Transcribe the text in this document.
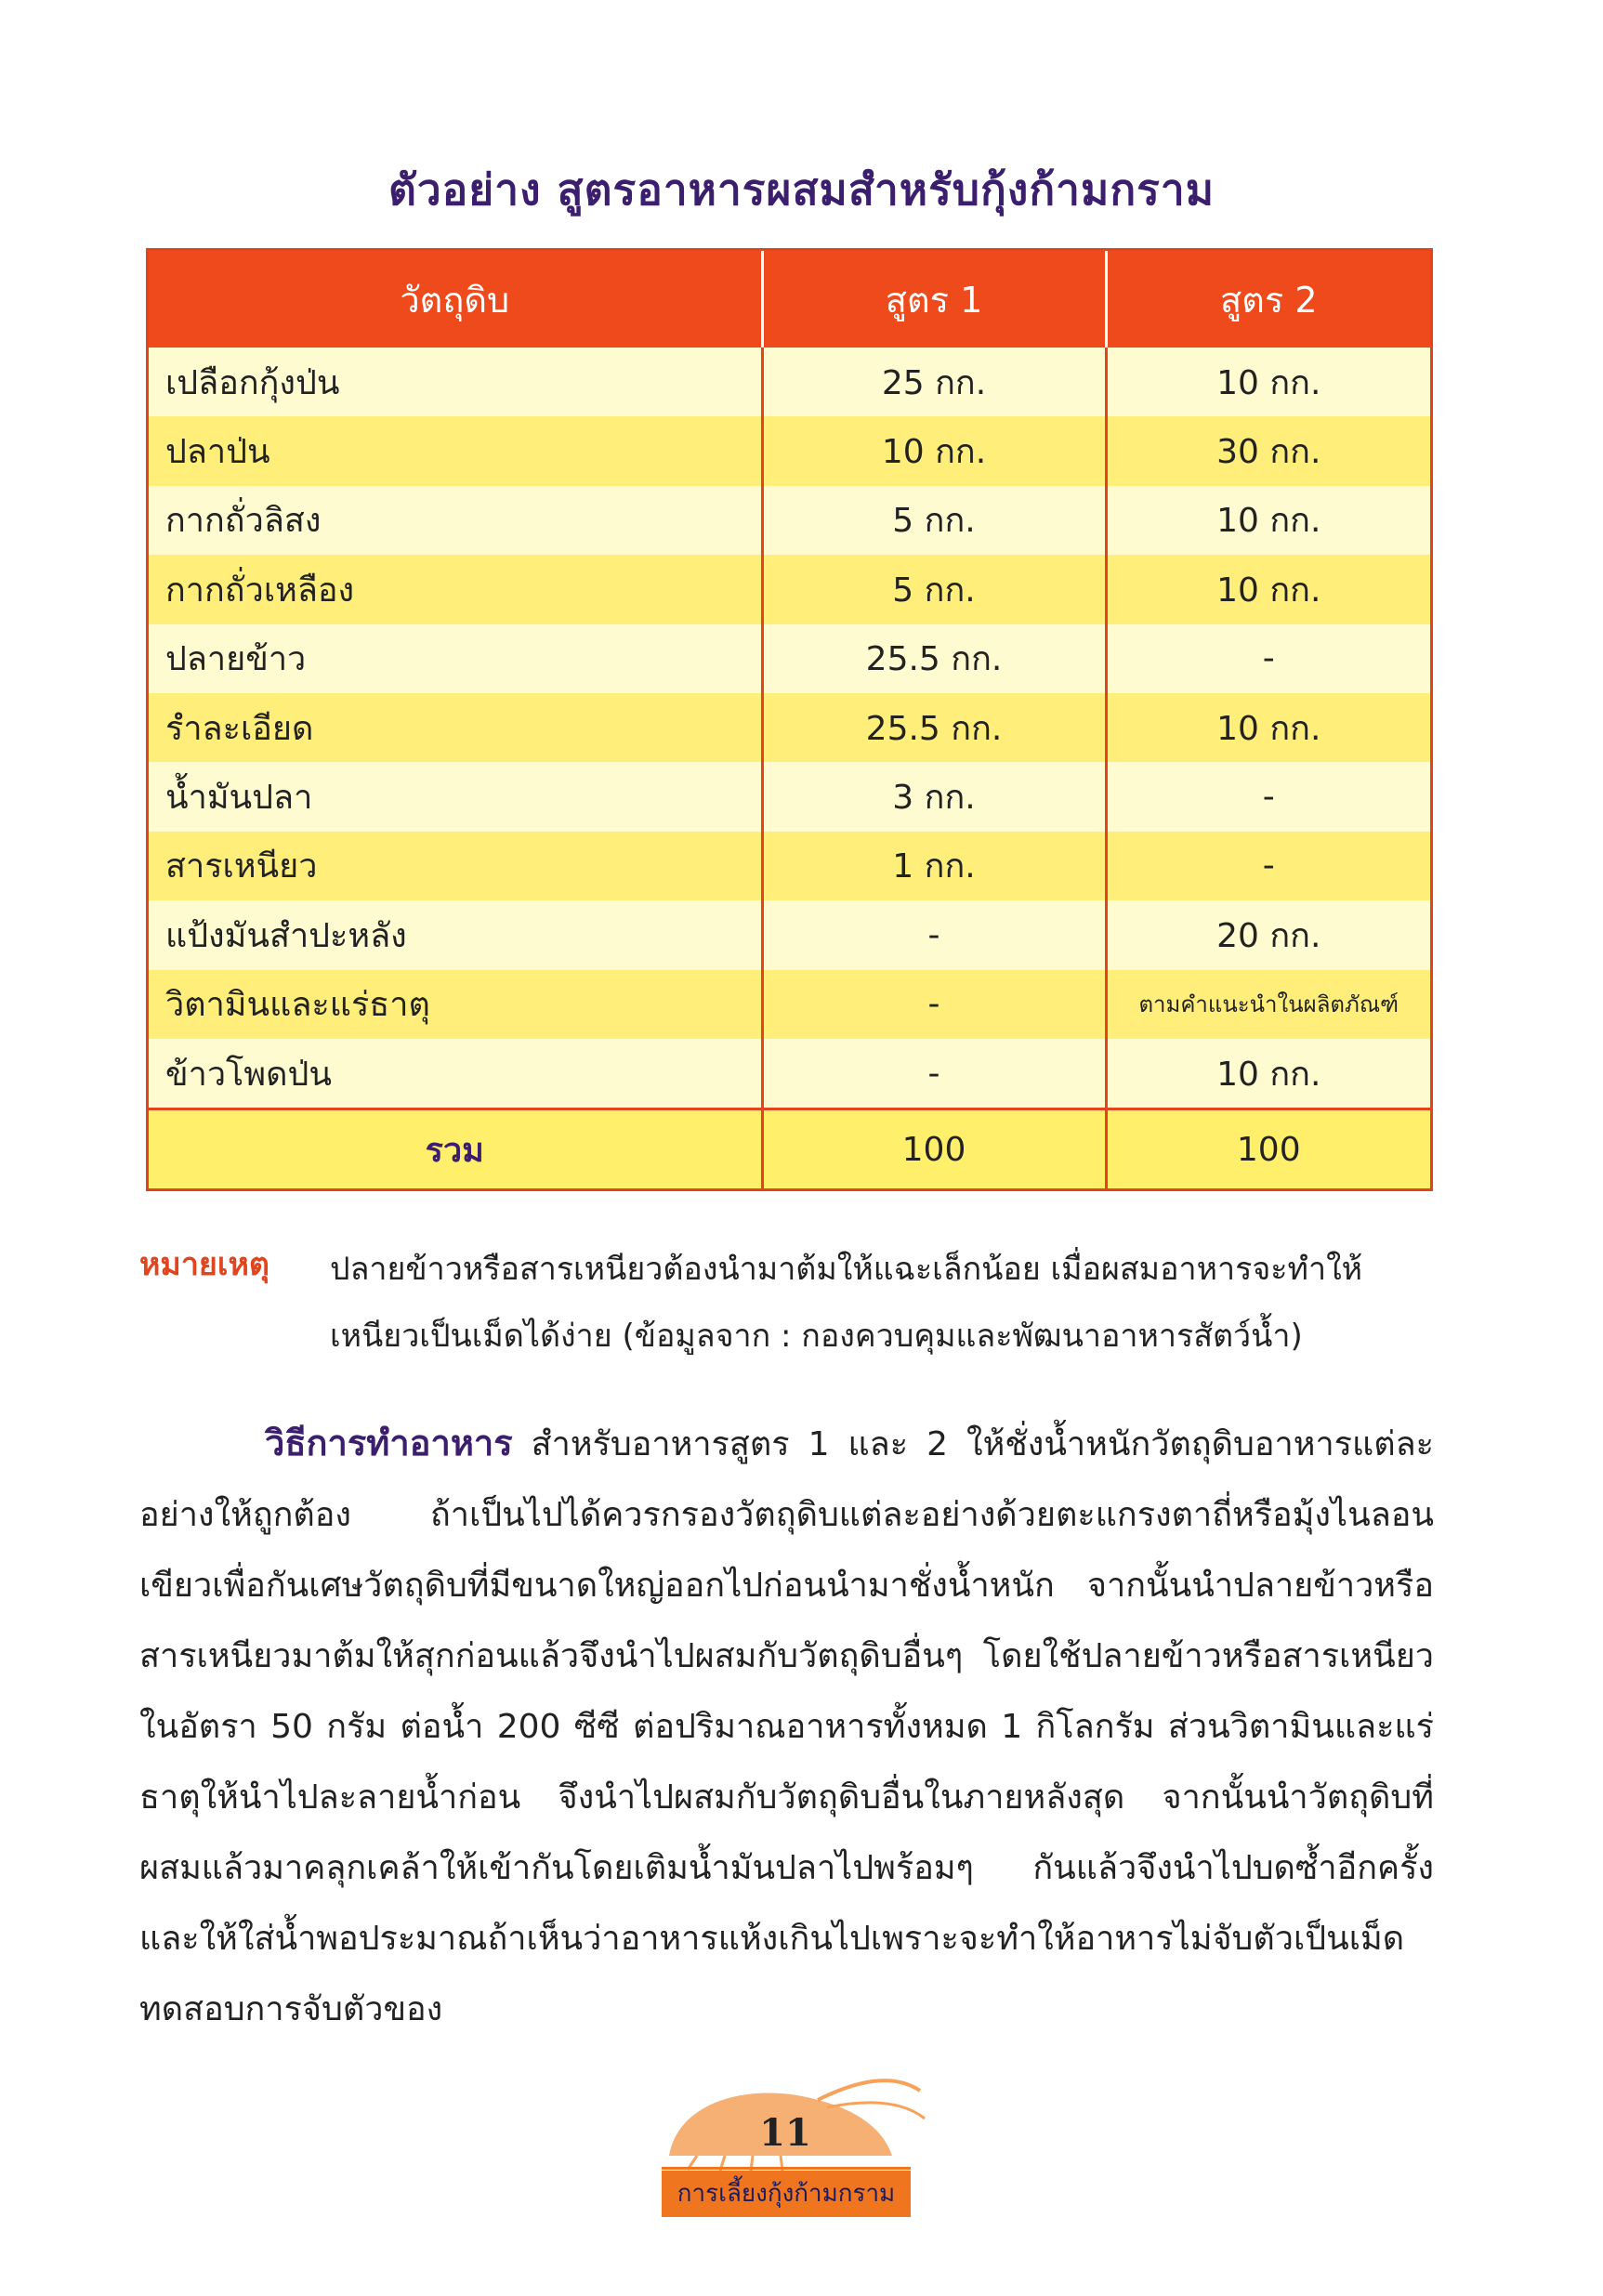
ตัวอย่าง สูตรอาหารผสมสำหรับกุ้งก้ามกราม
วัตถุดิบ	สูตร 1	สูตร 2
เปลือกกุ้งป่น	25 กก.	10 กก.
ปลาป่น	10 กก.	30 กก.
กากถั่วลิสง	5 กก.	10 กก.
กากถั่วเหลือง	5 กก.	10 กก.
ปลายข้าว	25.5 กก.	-
รำละเอียด	25.5 กก.	10 กก.
น้ำมันปลา	3 กก.	-
สารเหนียว	1 กก.	-
แป้งมันสำปะหลัง	-	20 กก.
วิตามินและแร่ธาตุ	-	ตามคำแนะนำในผลิตภัณฑ์
ข้าวโพดป่น	-	10 กก.
รวม	100	100
หมายเหตุ ปลายข้าวหรือสารเหนียวต้องนำมาต้มให้แฉะเล็กน้อย เมื่อผสมอาหารจะทำให้เหนียวเป็นเม็ดได้ง่าย (ข้อมูลจาก : กองควบคุมและพัฒนาอาหารสัตว์น้ำ)
วิธีการทำอาหาร สำหรับอาหารสูตร 1 และ 2 ให้ชั่งน้ำหนักวัตถุดิบอาหารแต่ละอย่างให้ถูกต้อง ถ้าเป็นไปได้ควรกรองวัตถุดิบแต่ละอย่างด้วยตะแกรงตาถี่หรือมุ้งไนลอนเขียวเพื่อกันเศษวัตถุดิบที่มีขนาดใหญ่ออกไปก่อนนำมาชั่งน้ำหนัก จากนั้นนำปลายข้าวหรือสารเหนียวมาต้มให้สุกก่อนแล้วจึงนำไปผสมกับวัตถุดิบอื่นๆ โดยใช้ปลายข้าวหรือสารเหนียวในอัตรา 50 กรัม ต่อน้ำ 200 ซีซี ต่อปริมาณอาหารทั้งหมด 1 กิโลกรัม ส่วนวิตามินและแร่ธาตุให้นำไปละลายน้ำก่อน จึงนำไปผสมกับวัตถุดิบอื่นในภายหลังสุด จากนั้นนำวัตถุดิบที่ผสมแล้วมาคลุกเคล้าให้เข้ากันโดยเติมน้ำมันปลาไปพร้อมๆ กันแล้วจึงนำไปบดซ้ำอีกครั้ง และให้ใส่น้ำพอประมาณถ้าเห็นว่าอาหารแห้งเกินไปเพราะจะทำให้อาหารไม่จับตัวเป็นเม็ด ทดสอบการจับตัวของ
11
การเลี้ยงกุ้งก้ามกราม
